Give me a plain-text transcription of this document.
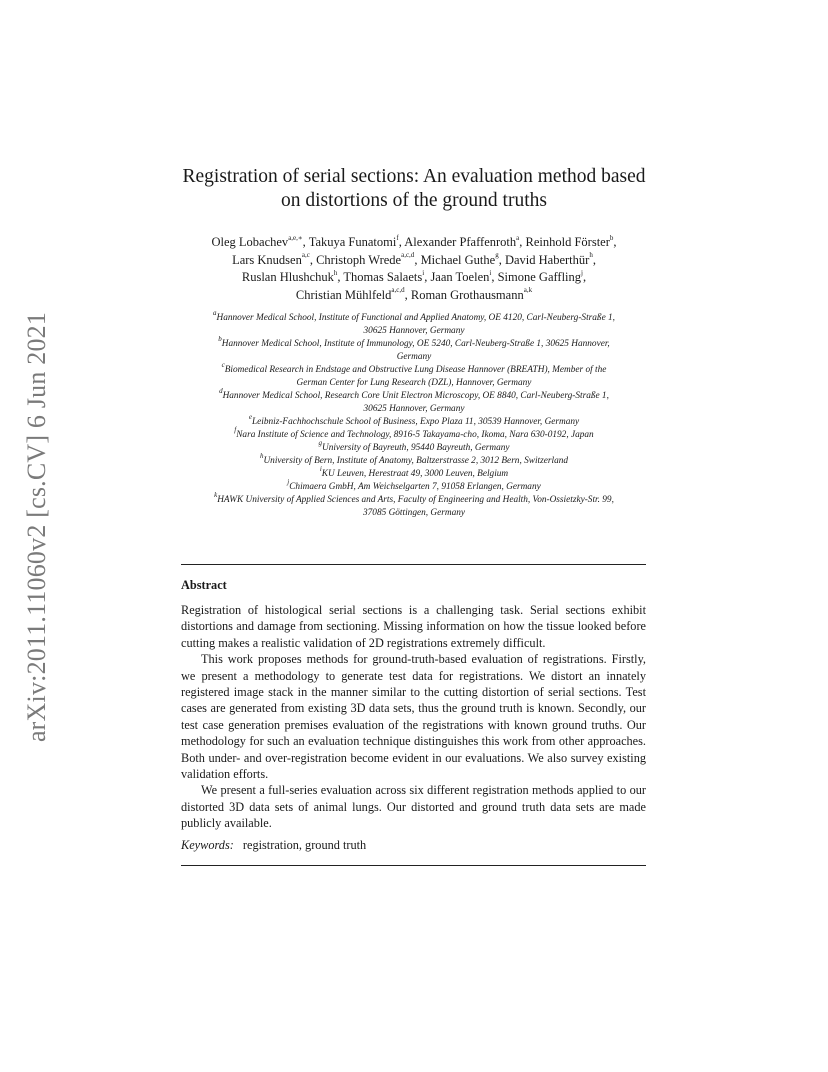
arXiv:2011.11060v2 [cs.CV] 6 Jun 2021
Registration of serial sections: An evaluation method based
on distortions of the ground truths
Oleg Lobachev$^{a,e,∗}$, Takuya Funatomi$^f$, Alexander Pfaffenroth$^a$, Reinhold Förster$^b$,
Lars Knudsen$^{a,c}$, Christoph Wrede$^{a,c,d}$, Michael Guthe$^g$, David Haberthür$^h$,
Ruslan Hlushchuk$^h$, Thomas Salaets$^i$, Jaan Toelen$^i$, Simone Gaffling$^j$,
Christian Mühlfeld$^{a,c,d}$, Roman Grothausmann$^{a,k}$
$^a$Hannover Medical School, Institute of Functional and Applied Anatomy, OE 4120, Carl-Neuberg-Straße 1,
30625 Hannover, Germany
$^b$Hannover Medical School, Institute of Immunology, OE 5240, Carl-Neuberg-Straße 1, 30625 Hannover,
Germany
$^c$Biomedical Research in Endstage and Obstructive Lung Disease Hannover (BREATH), Member of the
German Center for Lung Research (DZL), Hannover, Germany
$^d$Hannover Medical School, Research Core Unit Electron Microscopy, OE 8840, Carl-Neuberg-Straße 1,
30625 Hannover, Germany
$^e$Leibniz-Fachhochschule School of Business, Expo Plaza 11, 30539 Hannover, Germany
$^f$Nara Institute of Science and Technology, 8916-5 Takayama-cho, Ikoma, Nara 630-0192, Japan
$^g$University of Bayreuth, 95440 Bayreuth, Germany
$^h$University of Bern, Institute of Anatomy, Baltzerstrasse 2, 3012 Bern, Switzerland
$^i$KU Leuven, Herestraat 49, 3000 Leuven, Belgium
$^j$Chimaera GmbH, Am Weichselgarten 7, 91058 Erlangen, Germany
$^k$HAWK University of Applied Sciences and Arts, Faculty of Engineering and Health, Von-Ossietzky-Str. 99,
37085 Göttingen, Germany
Abstract

Registration of histological serial sections is a challenging task. Serial sections exhibit distortions and damage from sectioning. Missing information on how the tissue looked before cutting makes a realistic validation of 2D registrations extremely difficult.

This work proposes methods for ground-truth-based evaluation of registrations. Firstly, we present a methodology to generate test data for registrations. We distort an innately registered image stack in the manner similar to the cutting distortion of serial sections. Test cases are generated from existing 3D data sets, thus the ground truth is known. Secondly, our test case generation premises evaluation of the registrations with known ground truths. Our methodology for such an evaluation technique distinguishes this work from other approaches. Both under- and over-registration become evident in our evaluations. We also survey existing validation efforts.

We present a full-series evaluation across six different registration methods applied to our distorted 3D data sets of animal lungs. Our distorted and ground truth data sets are made publicly available.

Keywords: registration, ground truth
